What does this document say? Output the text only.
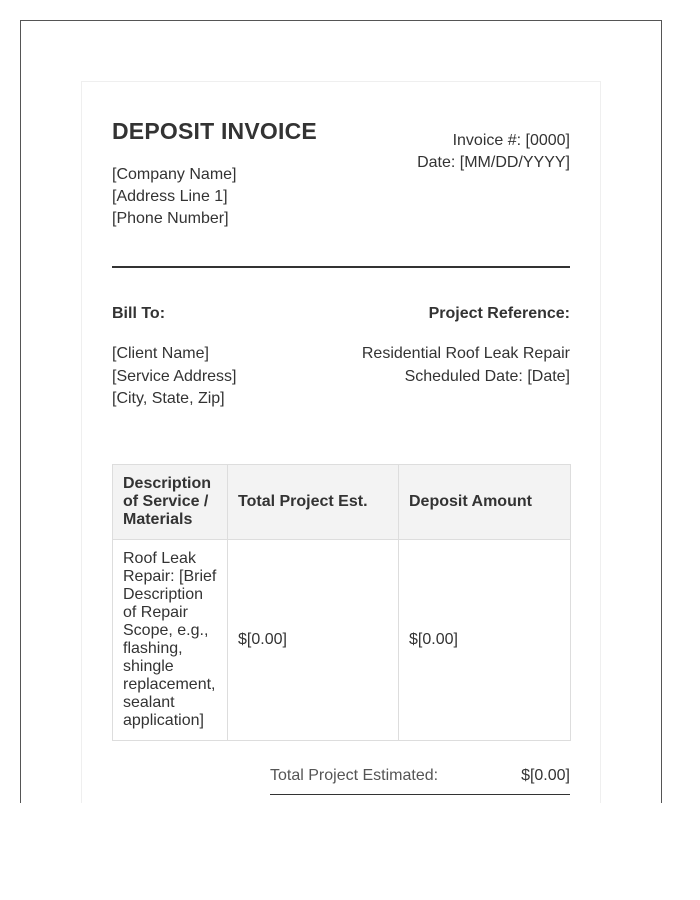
DEPOSIT INVOICE
[Company Name]
[Address Line 1]
[Phone Number]
Invoice #: [0000]
Date: [MM/DD/YYYY]
Bill To:	Project Reference:
[Client Name]
[Service Address]
[City, State, Zip]
Residential Roof Leak Repair
Scheduled Date: [Date]
Description of Service / Materials	Total Project Est.	Deposit Amount
Roof Leak Repair: [Brief Description of Repair Scope, e.g., flashing, shingle replacement, sealant application]	$[0.00]	$[0.00]
Total Project Estimated:	$[0.00]
